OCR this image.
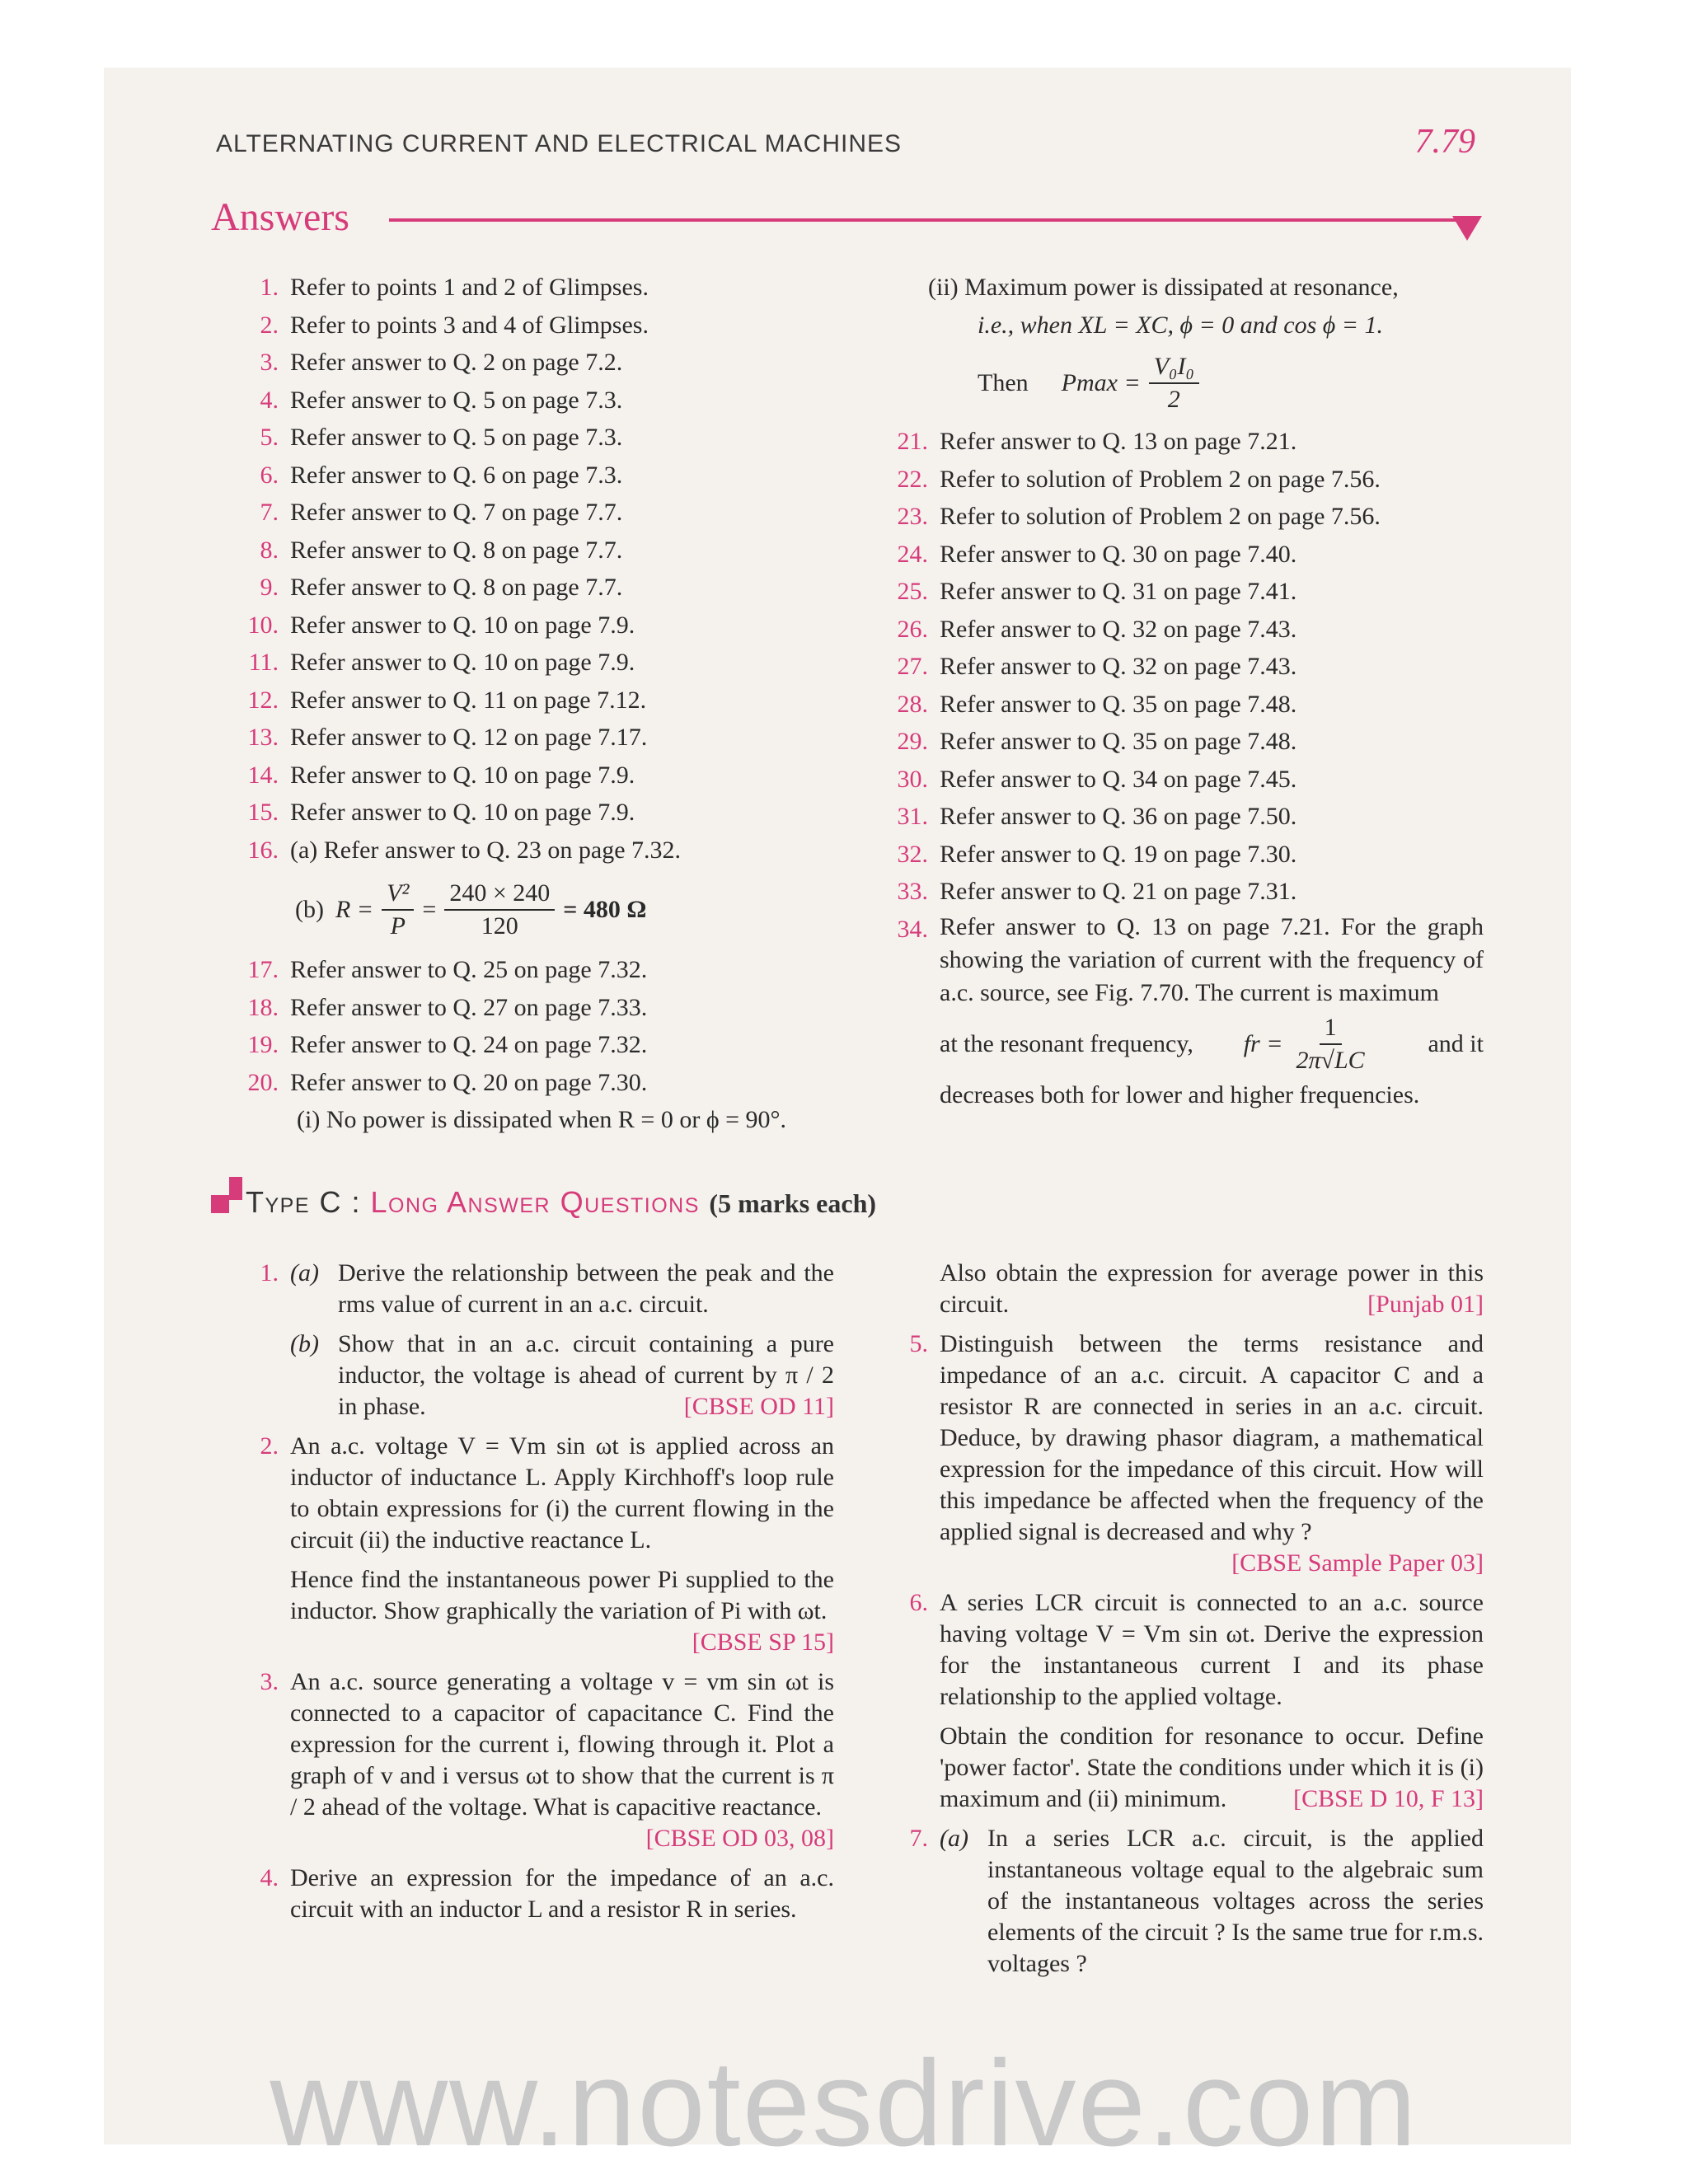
ALTERNATING CURRENT AND ELECTRICAL MACHINES	7.79
Answers
1. Refer to points 1 and 2 of Glimpses.
2. Refer to points 3 and 4 of Glimpses.
3. Refer answer to Q. 2 on page 7.2.
4. Refer answer to Q. 5 on page 7.3.
5. Refer answer to Q. 5 on page 7.3.
6. Refer answer to Q. 6 on page 7.3.
7. Refer answer to Q. 7 on page 7.7.
8. Refer answer to Q. 8 on page 7.7.
9. Refer answer to Q. 8 on page 7.7.
10. Refer answer to Q. 10 on page 7.9.
11. Refer answer to Q. 10 on page 7.9.
12. Refer answer to Q. 11 on page 7.12.
13. Refer answer to Q. 12 on page 7.17.
14. Refer answer to Q. 10 on page 7.9.
15. Refer answer to Q. 10 on page 7.9.
16. (a) Refer answer to Q. 23 on page 7.32.
(b) $R = \frac{\text{V²}}{P} = \frac{240 \times 240}{120} = 480$ Ω
17. Refer answer to Q. 25 on page 7.32.
18. Refer answer to Q. 27 on page 7.33.
19. Refer answer to Q. 24 on page 7.32.
20. Refer answer to Q. 20 on page 7.30.
(i) No power is dissipated when R = 0 or ϕ = 90°.
(ii) Maximum power is dissipated at resonance,
i.e., when XL = XC, ϕ = 0 and cos ϕ = 1.
Then $Pmax = \frac{\text{V₀I₀}}{2}$
21. Refer answer to Q. 13 on page 7.21.
22. Refer to solution of Problem 2 on page 7.56.
23. Refer to solution of Problem 2 on page 7.56.
24. Refer answer to Q. 30 on page 7.40.
25. Refer answer to Q. 31 on page 7.41.
26. Refer answer to Q. 32 on page 7.43.
27. Refer answer to Q. 32 on page 7.43.
28. Refer answer to Q. 35 on page 7.48.
29. Refer answer to Q. 35 on page 7.48.
30. Refer answer to Q. 34 on page 7.45.
31. Refer answer to Q. 36 on page 7.50.
32. Refer answer to Q. 19 on page 7.30.
33. Refer answer to Q. 21 on page 7.31.
34. Refer answer to Q. 13 on page 7.21. For the graph showing the variation of current with the frequency of a.c. source, see Fig. 7.70. The current is maximum
at the resonant frequency, fr = $\frac{1}{2\pi√LC}$ and it
decreases both for lower and higher frequencies.
Type C : Long Answer Questions (5 marks each)
1. (a) Derive the relationship between the peak and the rms value of current in an a.c. circuit.
(b) Show that in an a.c. circuit containing a pure inductor, the voltage is ahead of current by π / 2 in phase.	[CBSE OD 11]
2. An a.c. voltage V = Vm sin ωt is applied across an inductor of inductance L. Apply Kirchhoff's loop rule to obtain expressions for (i) the current flowing in the circuit (ii) the inductive reactance L.
Hence find the instantaneous power Pi supplied to the inductor. Show graphically the variation of Pi with ωt.
[CBSE SP 15]
3. An a.c. source generating a voltage v = vm sin ωt is connected to a capacitor of capacitance C. Find the expression for the current i, flowing through it. Plot a graph of v and i versus ωt to show that the current is π / 2 ahead of the voltage. What is capacitive reactance.
[CBSE OD 03, 08]
4. Derive an expression for the impedance of an a.c. circuit with an inductor L and a resistor R in series.
Also obtain the expression for average power in this circuit.	[Punjab 01]
5. Distinguish between the terms resistance and impedance of an a.c. circuit. A capacitor C and a resistor R are connected in series in an a.c. circuit. Deduce, by drawing phasor diagram, a mathematical expression for the impedance of this circuit. How will this impedance be affected when the frequency of the applied signal is decreased and why ?
[CBSE Sample Paper 03]
6. A series LCR circuit is connected to an a.c. source having voltage V = Vm sin ωt. Derive the expression for the instantaneous current I and its phase relationship to the applied voltage.
Obtain the condition for resonance to occur. Define 'power factor'. State the conditions under which it is (i) maximum and (ii) minimum.	[CBSE D 10, F 13]
7. (a) In a series LCR a.c. circuit, is the applied instantaneous voltage equal to the algebraic sum of the instantaneous voltages across the series elements of the circuit ? Is the same true for r.m.s. voltages ?
www.notesdrive.com
